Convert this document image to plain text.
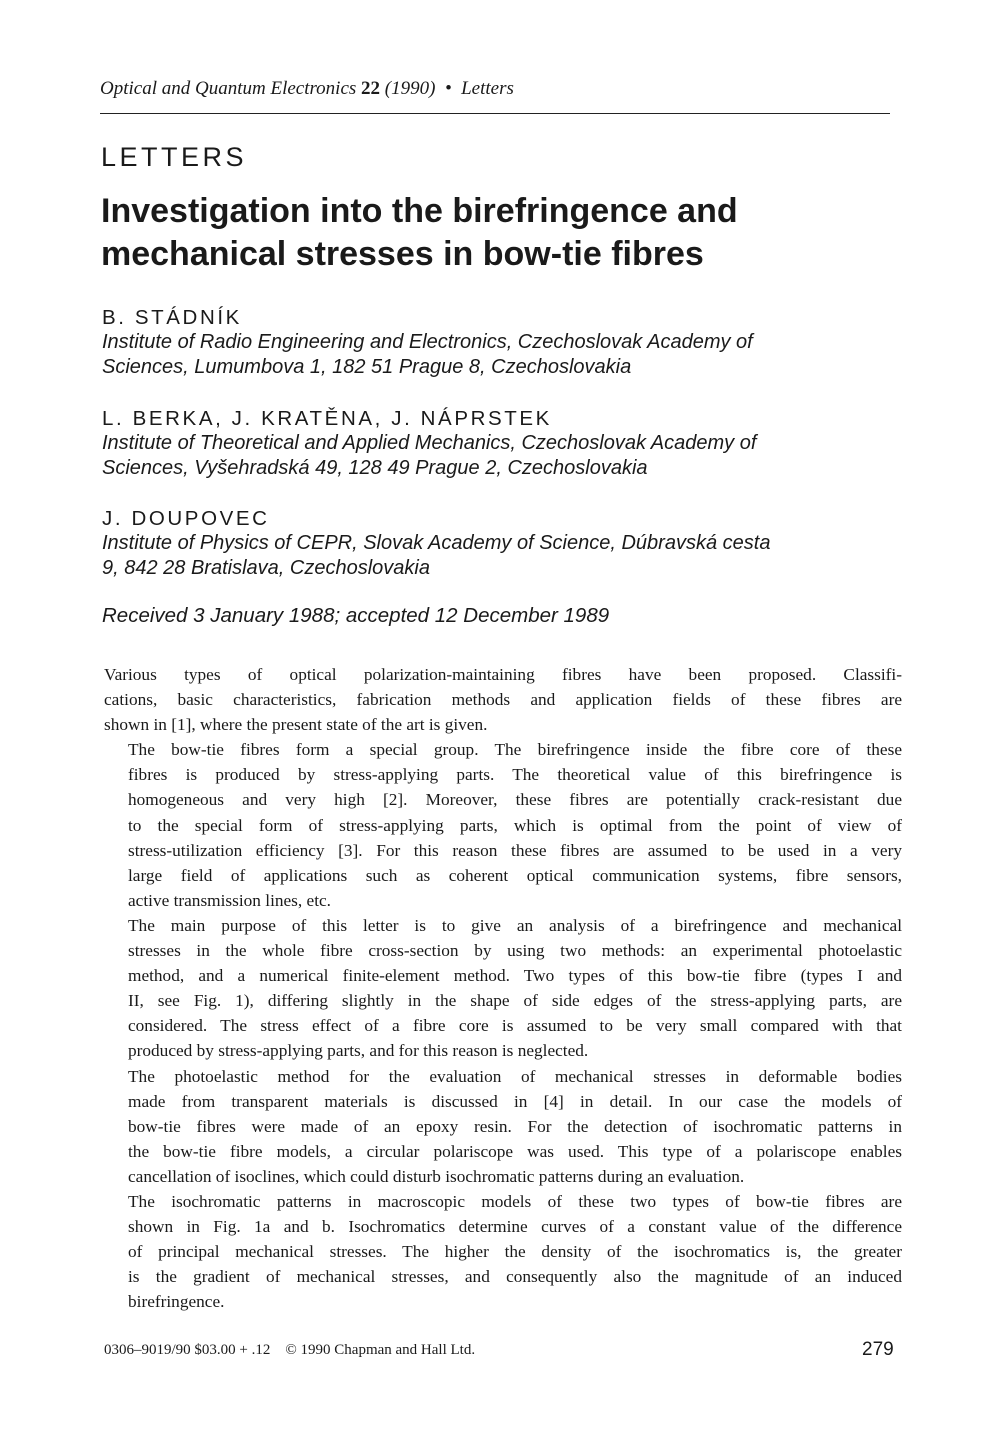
Optical and Quantum Electronics 22 (1990) • Letters
LETTERS
Investigation into the birefringence and
mechanical stresses in bow-tie fibres
B. STÁDNÍK
Institute of Radio Engineering and Electronics, Czechoslovak Academy of
Sciences, Lumumbova 1, 182 51 Prague 8, Czechoslovakia
L. BERKA, J. KRATĚNA, J. NÁPRSTEK
Institute of Theoretical and Applied Mechanics, Czechoslovak Academy of
Sciences, Vyšehradská 49, 128 49 Prague 2, Czechoslovakia
J. DOUPOVEC
Institute of Physics of CEPR, Slovak Academy of Science, Dúbravská cesta
9, 842 28 Bratislava, Czechoslovakia
Received 3 January 1988; accepted 12 December 1989

Various types of optical polarization-maintaining fibres have been proposed. Classifi-
cations, basic characteristics, fabrication methods and application fields of these fibres are
shown in [1], where the present state of the art is given.

The bow-tie fibres form a special group. The birefringence inside the fibre core of these
fibres is produced by stress-applying parts. The theoretical value of this birefringence is
homogeneous and very high [2]. Moreover, these fibres are potentially crack-resistant due
to the special form of stress-applying parts, which is optimal from the point of view of
stress-utilization efficiency [3]. For this reason these fibres are assumed to be used in a very
large field of applications such as coherent optical communication systems, fibre sensors,
active transmission lines, etc.

The main purpose of this letter is to give an analysis of a birefringence and mechanical
stresses in the whole fibre cross-section by using two methods: an experimental photoelastic
method, and a numerical finite-element method. Two types of this bow-tie fibre (types I and
II, see Fig. 1), differing slightly in the shape of side edges of the stress-applying parts, are
considered. The stress effect of a fibre core is assumed to be very small compared with that
produced by stress-applying parts, and for this reason is neglected.

The photoelastic method for the evaluation of mechanical stresses in deformable bodies
made from transparent materials is discussed in [4] in detail. In our case the models of
bow-tie fibres were made of an epoxy resin. For the detection of isochromatic patterns in
the bow-tie fibre models, a circular polariscope was used. This type of a polariscope enables
cancellation of isoclines, which could disturb isochromatic patterns during an evaluation.

The isochromatic patterns in macroscopic models of these two types of bow-tie fibres are
shown in Fig. 1a and b. Isochromatics determine curves of a constant value of the difference
of principal mechanical stresses. The higher the density of the isochromatics is, the greater
is the gradient of mechanical stresses, and consequently also the magnitude of an induced
birefringence.

0306–9019/90 $03.00 + .12 © 1990 Chapman and Hall Ltd.	279
